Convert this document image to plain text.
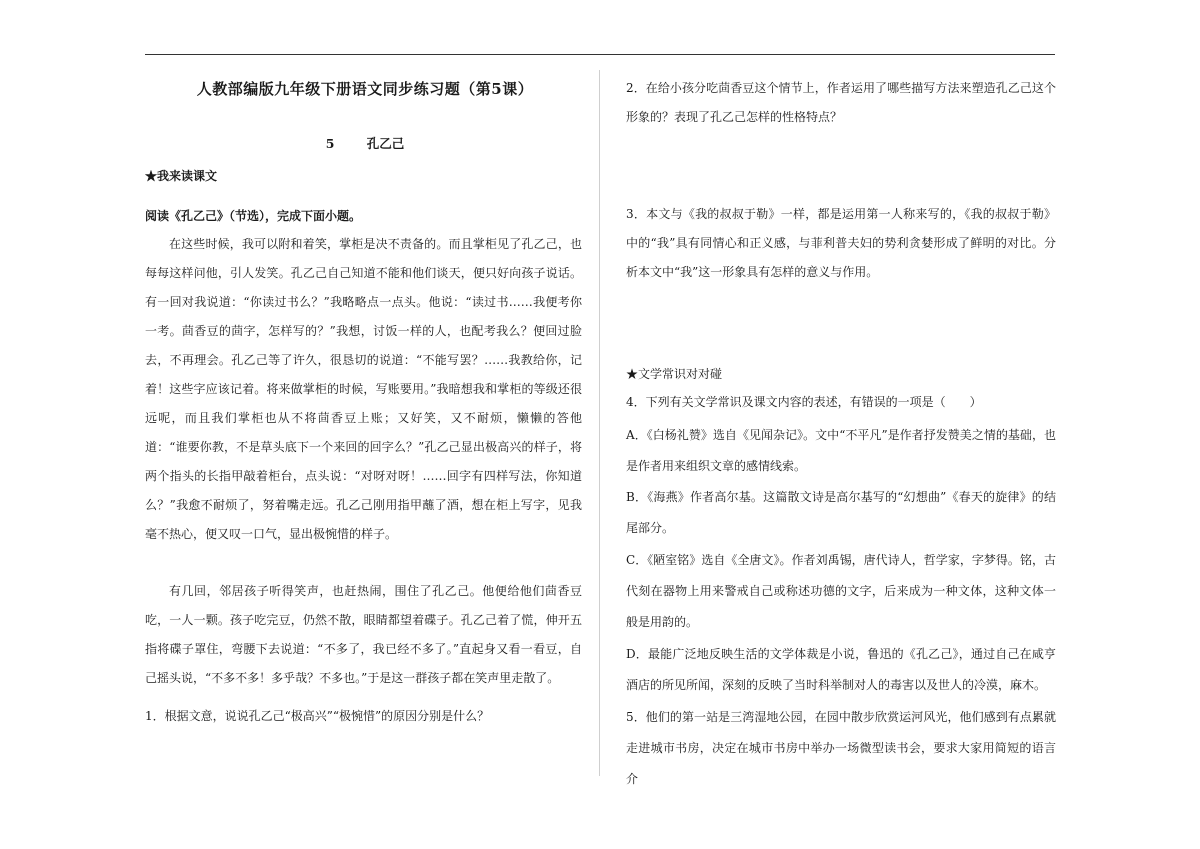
人教部编版九年级下册语文同步练习题（第5课）
5	孔乙己
★我来读课文
阅读《孔乙己》（节选），完成下面小题。

在这些时候，我可以附和着笑，掌柜是决不责备的。而且掌柜见了孔乙己，也每每这样问他，引人发笑。孔乙己自己知道不能和他们谈天，便只好向孩子说话。有一回对我说道：“你读过书么？”我略略点一点头。他说：“读过书……我便考你一考。茴香豆的茴字，怎样写的？”我想，讨饭一样的人，也配考我么？便回过脸去，不再理会。孔乙己等了许久，很恳切的说道：“不能写罢？……我教给你，记着！这些字应该记着。将来做掌柜的时候，写账要用。”我暗想我和掌柜的等级还很远呢，而且我们掌柜也从不将茴香豆上账；又好笑，又不耐烦，懒懒的答他道：“谁要你教，不是草头底下一个来回的回字么？”孔乙己显出极高兴的样子，将两个指头的长指甲敲着柜台，点头说：“对呀对呀！……回字有四样写法，你知道么？”我愈不耐烦了，努着嘴走远。孔乙己刚用指甲蘸了酒，想在柜上写字，见我毫不热心，便又叹一口气，显出极惋惜的样子。

有几回，邻居孩子听得笑声，也赶热闹，围住了孔乙己。他便给他们茴香豆吃，一人一颗。孩子吃完豆，仍然不散，眼睛都望着碟子。孔乙己着了慌，伸开五指将碟子罩住，弯腰下去说道：“不多了，我已经不多了。”直起身又看一看豆，自己摇头说，“不多不多！多乎哉？不多也。”于是这一群孩子都在笑声里走散了。

1．根据文意，说说孔乙己“极高兴”“极惋惜”的原因分别是什么？

2．在给小孩分吃茴香豆这个情节上，作者运用了哪些描写方法来塑造孔乙己这个形象的？表现了孔乙己怎样的性格特点？

3．本文与《我的叔叔于勒》一样，都是运用第一人称来写的，《我的叔叔于勒》中的“我”具有同情心和正义感，与菲利普夫妇的势利贪婪形成了鲜明的对比。分析本文中“我”这一形象具有怎样的意义与作用。

★文学常识对对碰

4．下列有关文学常识及课文内容的表述，有错误的一项是（　　）

A．《白杨礼赞》选自《见闻杂记》。文中“不平凡”是作者抒发赞美之情的基础，也是作者用来组织文章的感情线索。

B．《海燕》作者高尔基。这篇散文诗是高尔基写的“幻想曲”《春天的旋律》的结尾部分。

C．《陋室铭》选自《全唐文》。作者刘禹锡，唐代诗人，哲学家，字梦得。铭，古代刻在器物上用来警戒自己或称述功德的文字，后来成为一种文体，这种文体一般是用韵的。

D．最能广泛地反映生活的文学体裁是小说，鲁迅的《孔乙己》，通过自己在咸亨酒店的所见所闻，深刻的反映了当时科举制对人的毒害以及世人的冷漠，麻木。

5．他们的第一站是三湾湿地公园，在园中散步欣赏运河风光，他们感到有点累就走进城市书房，决定在城市书房中举办一场微型读书会，要求大家用简短的语言介
